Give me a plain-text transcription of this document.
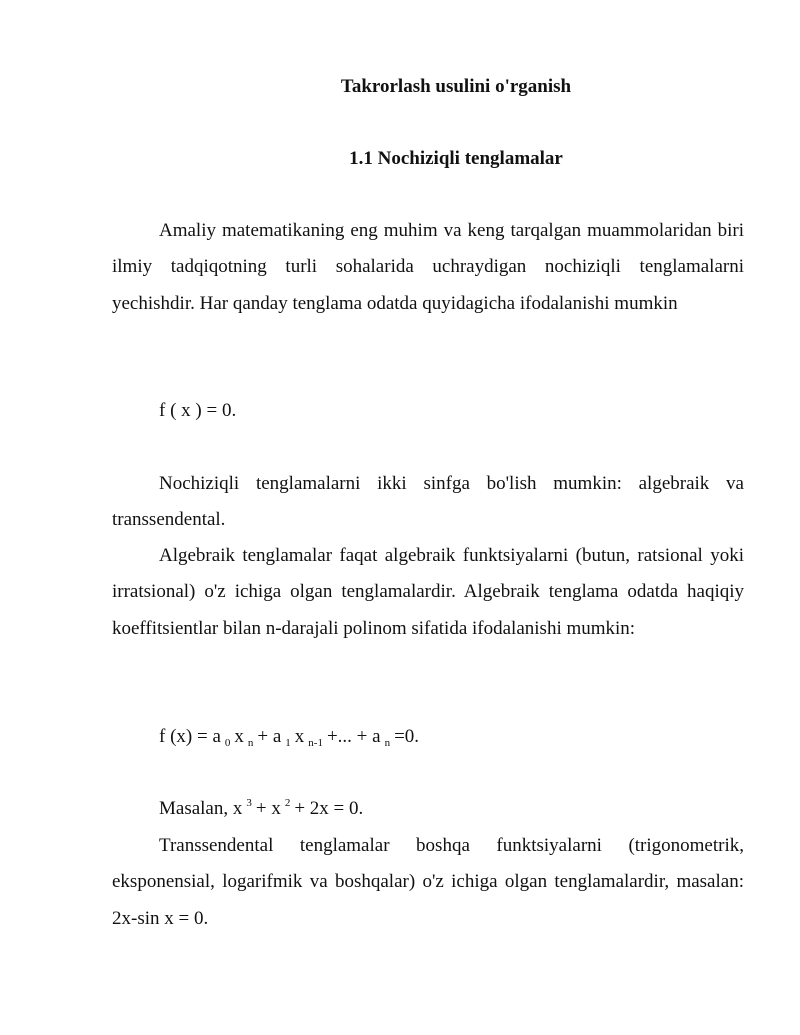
Takrorlash usulini o'rganish
1.1 Nochiziqli tenglamalar

Amaliy matematikaning eng muhim va keng tarqalgan muammolaridan biri ilmiy tadqiqotning turli sohalarida uchraydigan nochiziqli tenglamalarni yechishdir. Har qanday tenglama odatda quyidagicha ifodalanishi mumkin

f ( x ) = 0.

Nochiziqli tenglamalarni ikki sinfga bo'lish mumkin: algebraik va transsendental.

Algebraik tenglamalar faqat algebraik funktsiyalarni (butun, ratsional yoki irratsional) o'z ichiga olgan tenglamalardir. Algebraik tenglama odatda haqiqiy koeffitsientlar bilan n-darajali polinom sifatida ifodalanishi mumkin:

f (x) = a $_0$ x $_n$ + a $_1$ x $_{n-1}$ +... + a $_n$ =0.

Masalan, x $^3$ + x $^2$ + 2x = 0.

Transsendental tenglamalar boshqa funktsiyalarni (trigonometrik, eksponensial, logarifmik va boshqalar) o'z ichiga olgan tenglamalardir, masalan: 2x-sin x = 0.
